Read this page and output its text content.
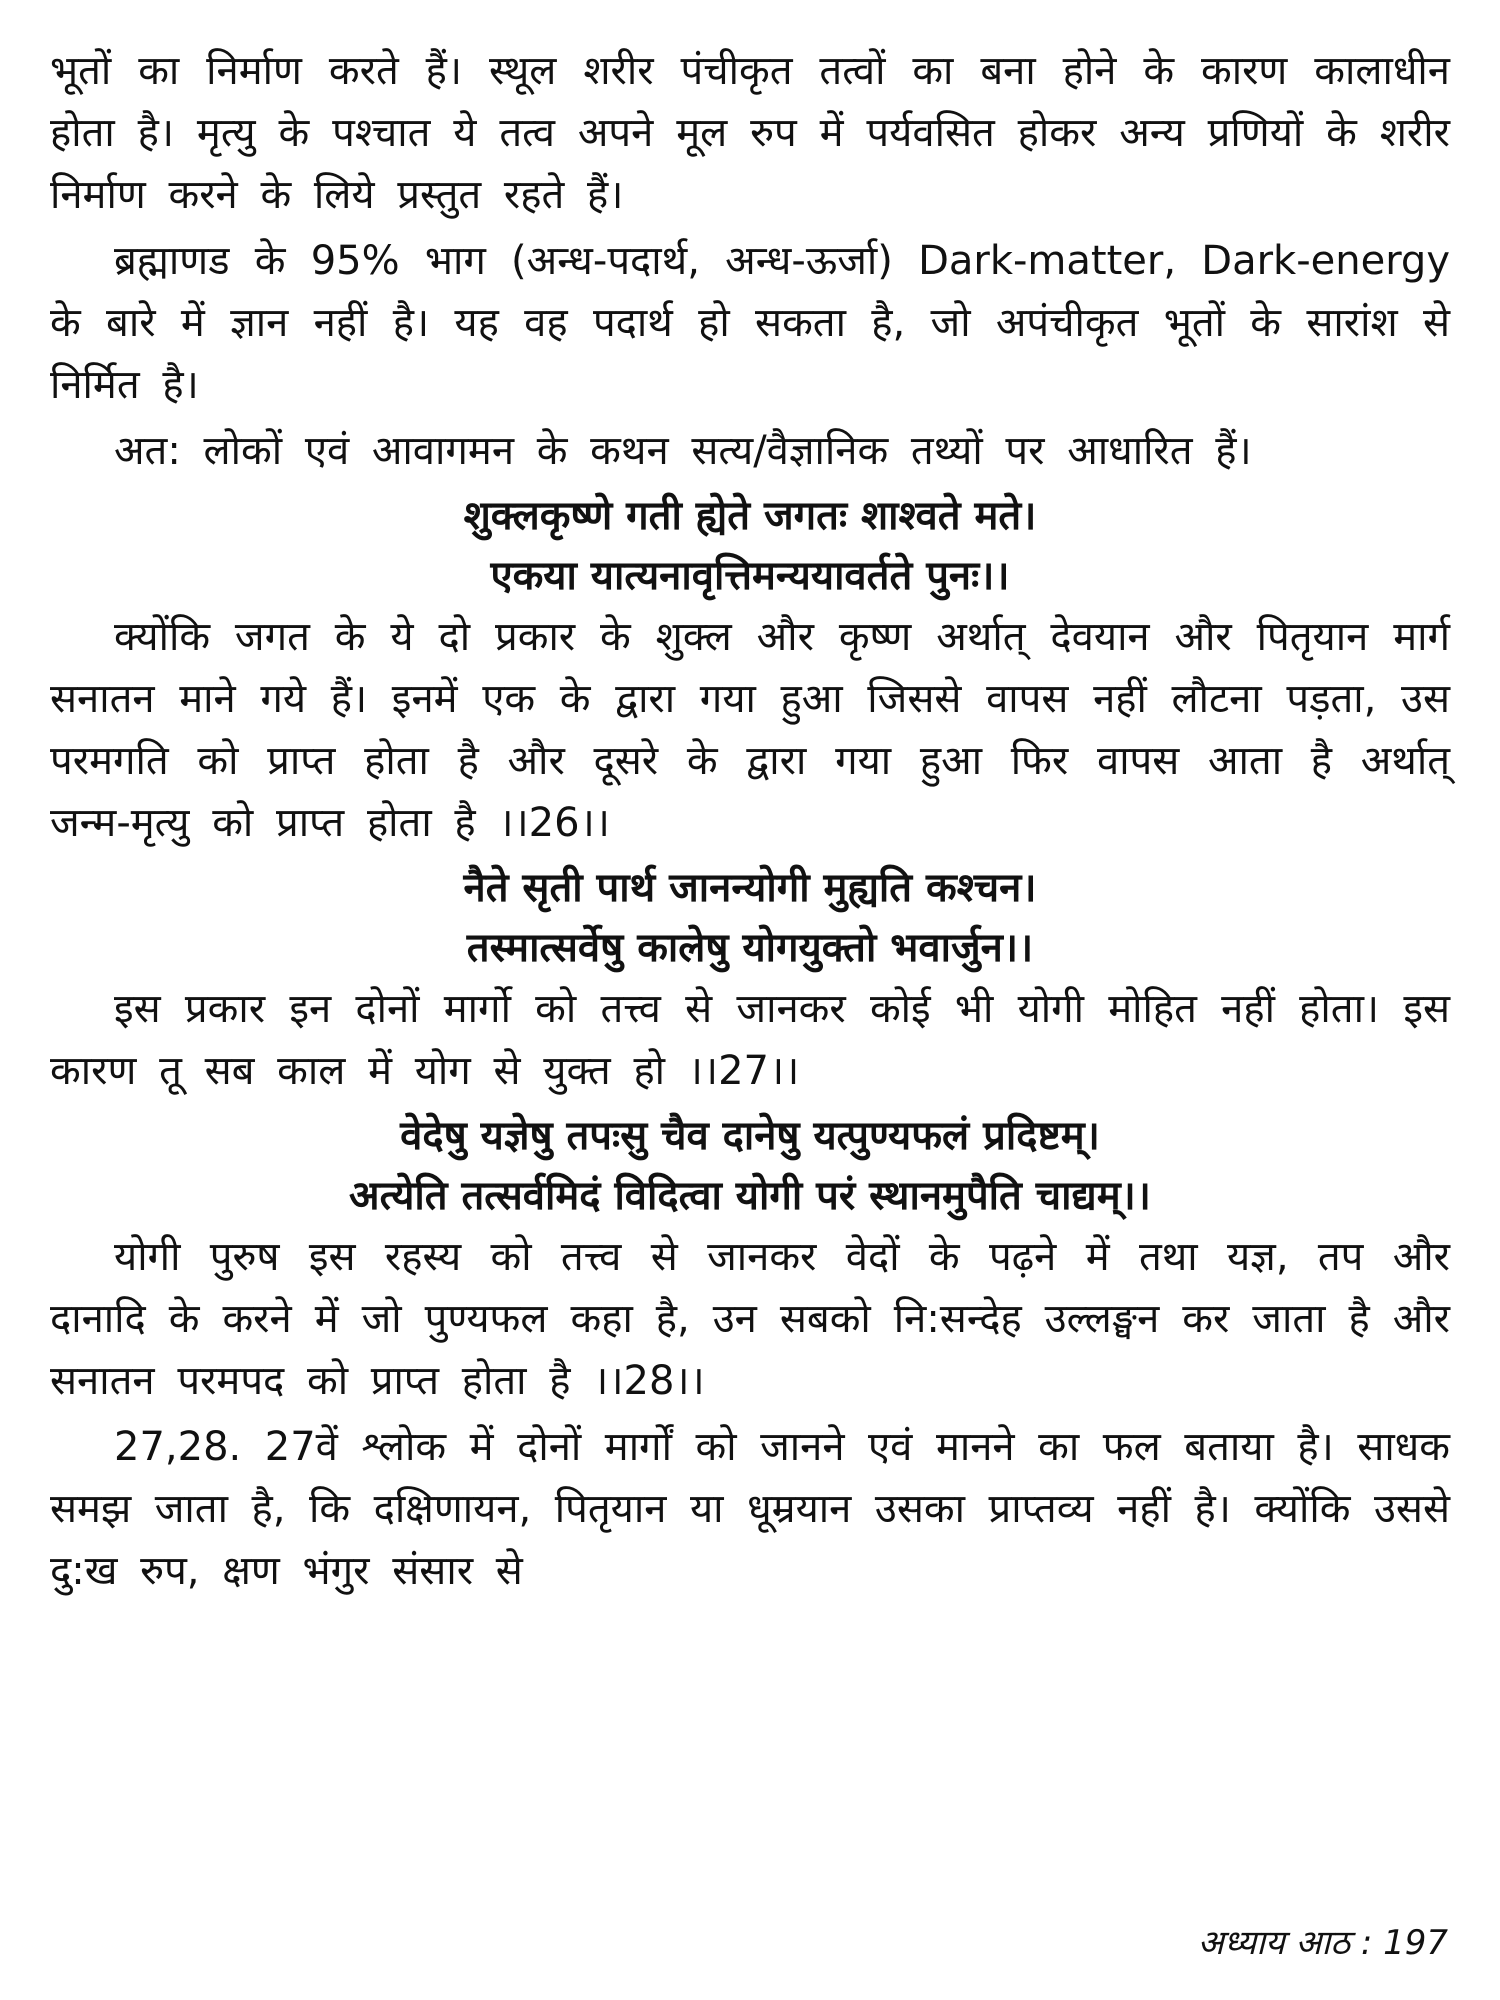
भूतों का निर्माण करते हैं। स्थूल शरीर पंचीकृत तत्वों का बना होने के कारण कालाधीन होता है। मृत्यु के पश्चात ये तत्व अपने मूल रुप में पर्यवसित होकर अन्य प्रणियों के शरीर निर्माण करने के लिये प्रस्तुत रहते हैं।

ब्रह्माणड के 95% भाग (अन्ध-पदार्थ, अन्ध-ऊर्जा) Dark-matter, Dark-energy के बारे में ज्ञान नहीं है। यह वह पदार्थ हो सकता है, जो अपंचीकृत भूतों के सारांश से निर्मित है।

अत: लोकों एवं आवागमन के कथन सत्य/वैज्ञानिक तथ्यों पर आधारित हैं।

शुक्लकृष्णे गती ह्येते जगतः शाश्वते मते।

एकया यात्यनावृत्तिमन्ययावर्तते पुनः।।

क्योंकि जगत के ये दो प्रकार के शुक्ल और कृष्ण अर्थात् देवयान और पितृयान मार्ग सनातन माने गये हैं। इनमें एक के द्वारा गया हुआ जिससे वापस नहीं लौटना पड़ता, उस परमगति को प्राप्त होता है और दूसरे के द्वारा गया हुआ फिर वापस आता है अर्थात् जन्म-मृत्यु को प्राप्त होता है ।।26।।

नैते सृती पार्थ जानन्योगी मुह्यति कश्चन।

तस्मात्सर्वेषु कालेषु योगयुक्तो भवार्जुन।।

इस प्रकार इन दोनों मार्गो को तत्त्व से जानकर कोई भी योगी मोहित नहीं होता। इस कारण तू सब काल में योग से युक्त हो ।।27।।

वेदेषु यज्ञेषु तपःसु चैव दानेषु यत्पुण्यफलं प्रदिष्टम्।

अत्येति तत्सर्वमिदं विदित्वा योगी परं स्थानमुपैति चाद्यम्।।

योगी पुरुष इस रहस्य को तत्त्व से जानकर वेदों के पढ़ने में तथा यज्ञ, तप और दानादि के करने में जो पुण्यफल कहा है, उन सबको नि:सन्देह उल्लङ्घन कर जाता है और सनातन परमपद को प्राप्त होता है ।।28।।

27,28. 27वें श्लोक में दोनों मार्गों को जानने एवं मानने का फल बताया है। साधक समझ जाता है, कि दक्षिणायन, पितृयान या धूम्रयान उसका प्राप्तव्य नहीं है। क्योंकि उससे दु:ख रुप, क्षण भंगुर संसार से

अध्याय आठ : 197
